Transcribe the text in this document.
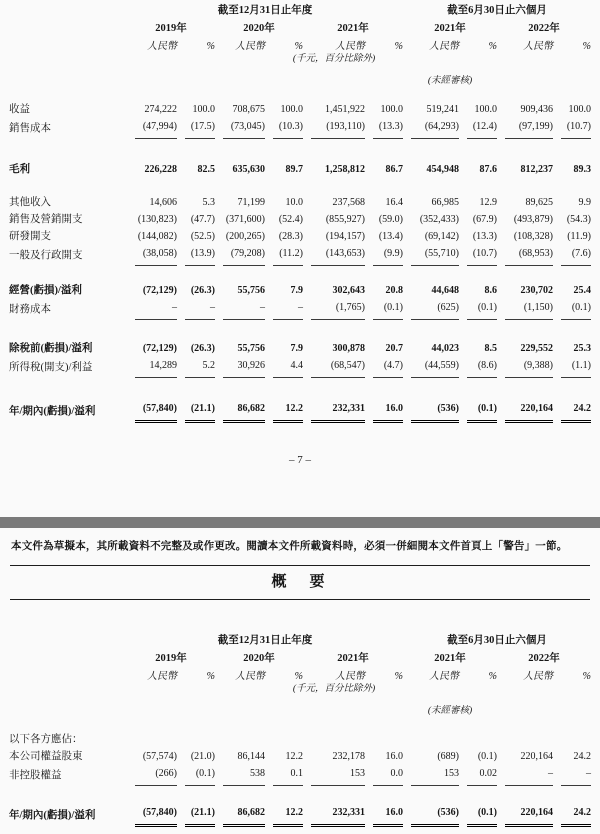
	截至12月31日止年度						截至6月30日止六個月			
	2019年		2020年		2021年		2021年		2022年	
	人民幣	%	人民幣	%	人民幣	%	人民幣	%	人民幣	%
				(千元，百分比除外)						
							(未經審核)			
收益	274,222	100.0	708,675	100.0	1,451,922	100.0	519,241	100.0	909,436	100.0
銷售成本	(47,994)	(17.5)	(73,045)	(10.3)	(193,110)	(13.3)	(64,293)	(12.4)	(97,199)	(10.7)

毛利	226,228	82.5	635,630	89.7	1,258,812	86.7	454,948	87.6	812,237	89.3

其他收入	14,606	5.3	71,199	10.0	237,568	16.4	66,985	12.9	89,625	9.9
銷售及營銷開支	(130,823)	(47.7)	(371,600)	(52.4)	(855,927)	(59.0)	(352,433)	(67.9)	(493,879)	(54.3)
研發開支	(144,082)	(52.5)	(200,265)	(28.3)	(194,157)	(13.4)	(69,142)	(13.3)	(108,328)	(11.9)
一般及行政開支	(38,058)	(13.9)	(79,208)	(11.2)	(143,653)	(9.9)	(55,710)	(10.7)	(68,953)	(7.6)

經營(虧損)/溢利	(72,129)	(26.3)	55,756	7.9	302,643	20.8	44,648	8.6	230,702	25.4
財務成本	–	–	–	–	(1,765)	(0.1)	(625)	(0.1)	(1,150)	(0.1)

除稅前(虧損)/溢利	(72,129)	(26.3)	55,756	7.9	300,878	20.7	44,023	8.5	229,552	25.3
所得稅(開支)/利益	14,289	5.2	30,926	4.4	(68,547)	(4.7)	(44,559)	(8.6)	(9,388)	(1.1)

年/期內(虧損)/溢利	(57,840)	(21.1)	86,682	12.2	232,331	16.0	(536)	(0.1)	220,164	24.2
– 7 –

本文件為草擬本，其所載資料不完整及或作更改。閱讀本文件所載資料時，必須一併細閱本文件首頁上「警告」一節。

概　要
	截至12月31日止年度						截至6月30日止六個月			
	2019年		2020年		2021年		2021年		2022年	
	人民幣	%	人民幣	%	人民幣	%	人民幣	%	人民幣	%
				(千元，百分比除外)						
							(未經審核)			
以下各方應佔：										
本公司權益股東	(57,574)	(21.0)	86,144	12.2	232,178	16.0	(689)	(0.1)	220,164	24.2
非控股權益	(266)	(0.1)	538	0.1	153	0.0	153	0.02	–	–

年/期內(虧損)/溢利	(57,840)	(21.1)	86,682	12.2	232,331	16.0	(536)	(0.1)	220,164	24.2
